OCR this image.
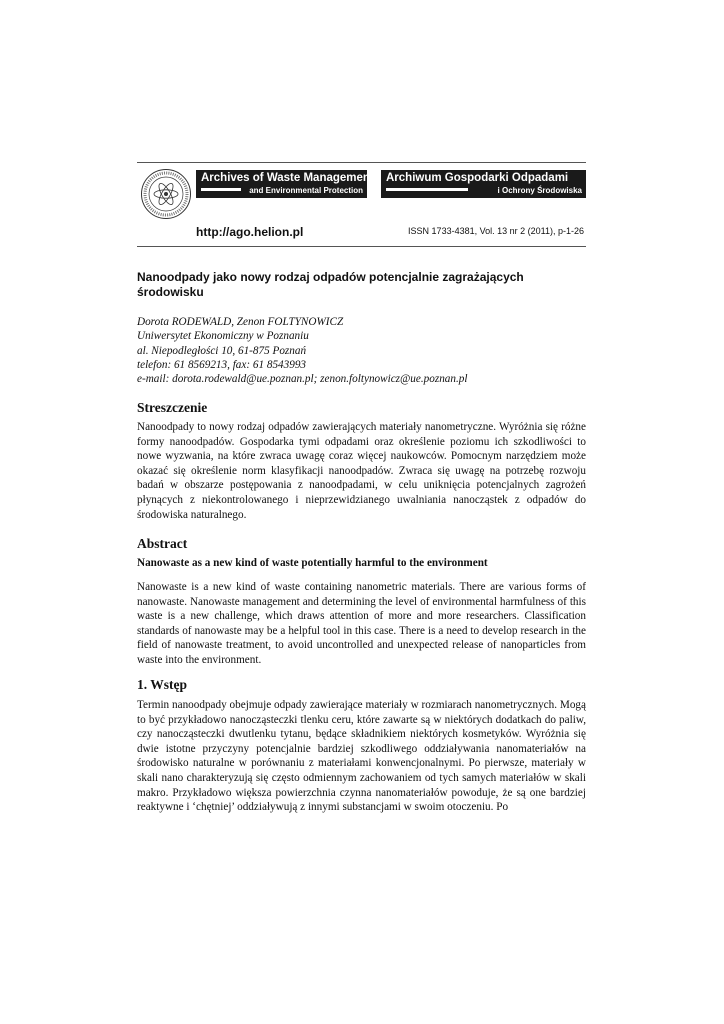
Archives of Waste Management
and Environmental Protection
Archiwum Gospodarki Odpadami
i Ochrony Środowiska
http://ago.helion.pl	ISSN 1733-4381, Vol. 13 nr 2 (2011), p-1-26
Nanoodpady jako nowy rodzaj odpadów potencjalnie zagrażających środowisku
Dorota RODEWALD, Zenon FOLTYNOWICZ
Uniwersytet Ekonomiczny w Poznaniu
al. Niepodległości 10, 61-875 Poznań
telefon: 61 8569213, fax: 61 8543993
e-mail: dorota.rodewald@ue.poznan.pl; zenon.foltynowicz@ue.poznan.pl
Streszczenie

Nanoodpady to nowy rodzaj odpadów zawierających materiały nanometryczne. Wyróżnia się różne formy nanoodpadów. Gospodarka tymi odpadami oraz określenie poziomu ich szkodliwości to nowe wyzwania, na które zwraca uwagę coraz więcej naukowców. Pomocnym narzędziem może okazać się określenie norm klasyfikacji nanoodpadów. Zwraca się uwagę na potrzebę rozwoju badań w obszarze postępowania z nanoodpadami, w celu uniknięcia potencjalnych zagrożeń płynących z niekontrolowanego i nieprzewidzianego uwalniania nanocząstek z odpadów do środowiska naturalnego.

Abstract

Nanowaste as a new kind of waste potentially harmful to the environment

Nanowaste is a new kind of waste containing nanometric materials. There are various forms of nanowaste. Nanowaste management and determining the level of environmental harmfulness of this waste is a new challenge, which draws attention of more and more researchers. Classification standards of nanowaste may be a helpful tool in this case. There is a need to develop research in the field of nanowaste treatment, to avoid uncontrolled and unexpected release of nanoparticles from waste into the environment.

1. Wstęp

Termin nanoodpady obejmuje odpady zawierające materiały w rozmiarach nanometrycznych. Mogą to być przykładowo nanocząsteczki tlenku ceru, które zawarte są w niektórych dodatkach do paliw, czy nanocząsteczki dwutlenku tytanu, będące składnikiem niektórych kosmetyków. Wyróżnia się dwie istotne przyczyny potencjalnie bardziej szkodliwego oddziaływania nanomateriałów na środowisko naturalne w porównaniu z materiałami konwencjonalnymi. Po pierwsze, materiały w skali nano charakteryzują się często odmiennym zachowaniem od tych samych materiałów w skali makro. Przykładowo większa powierzchnia czynna nanomateriałów powoduje, że są one bardziej reaktywne i ‘chętniej’ oddziaływują z innymi substancjami w swoim otoczeniu. Po
